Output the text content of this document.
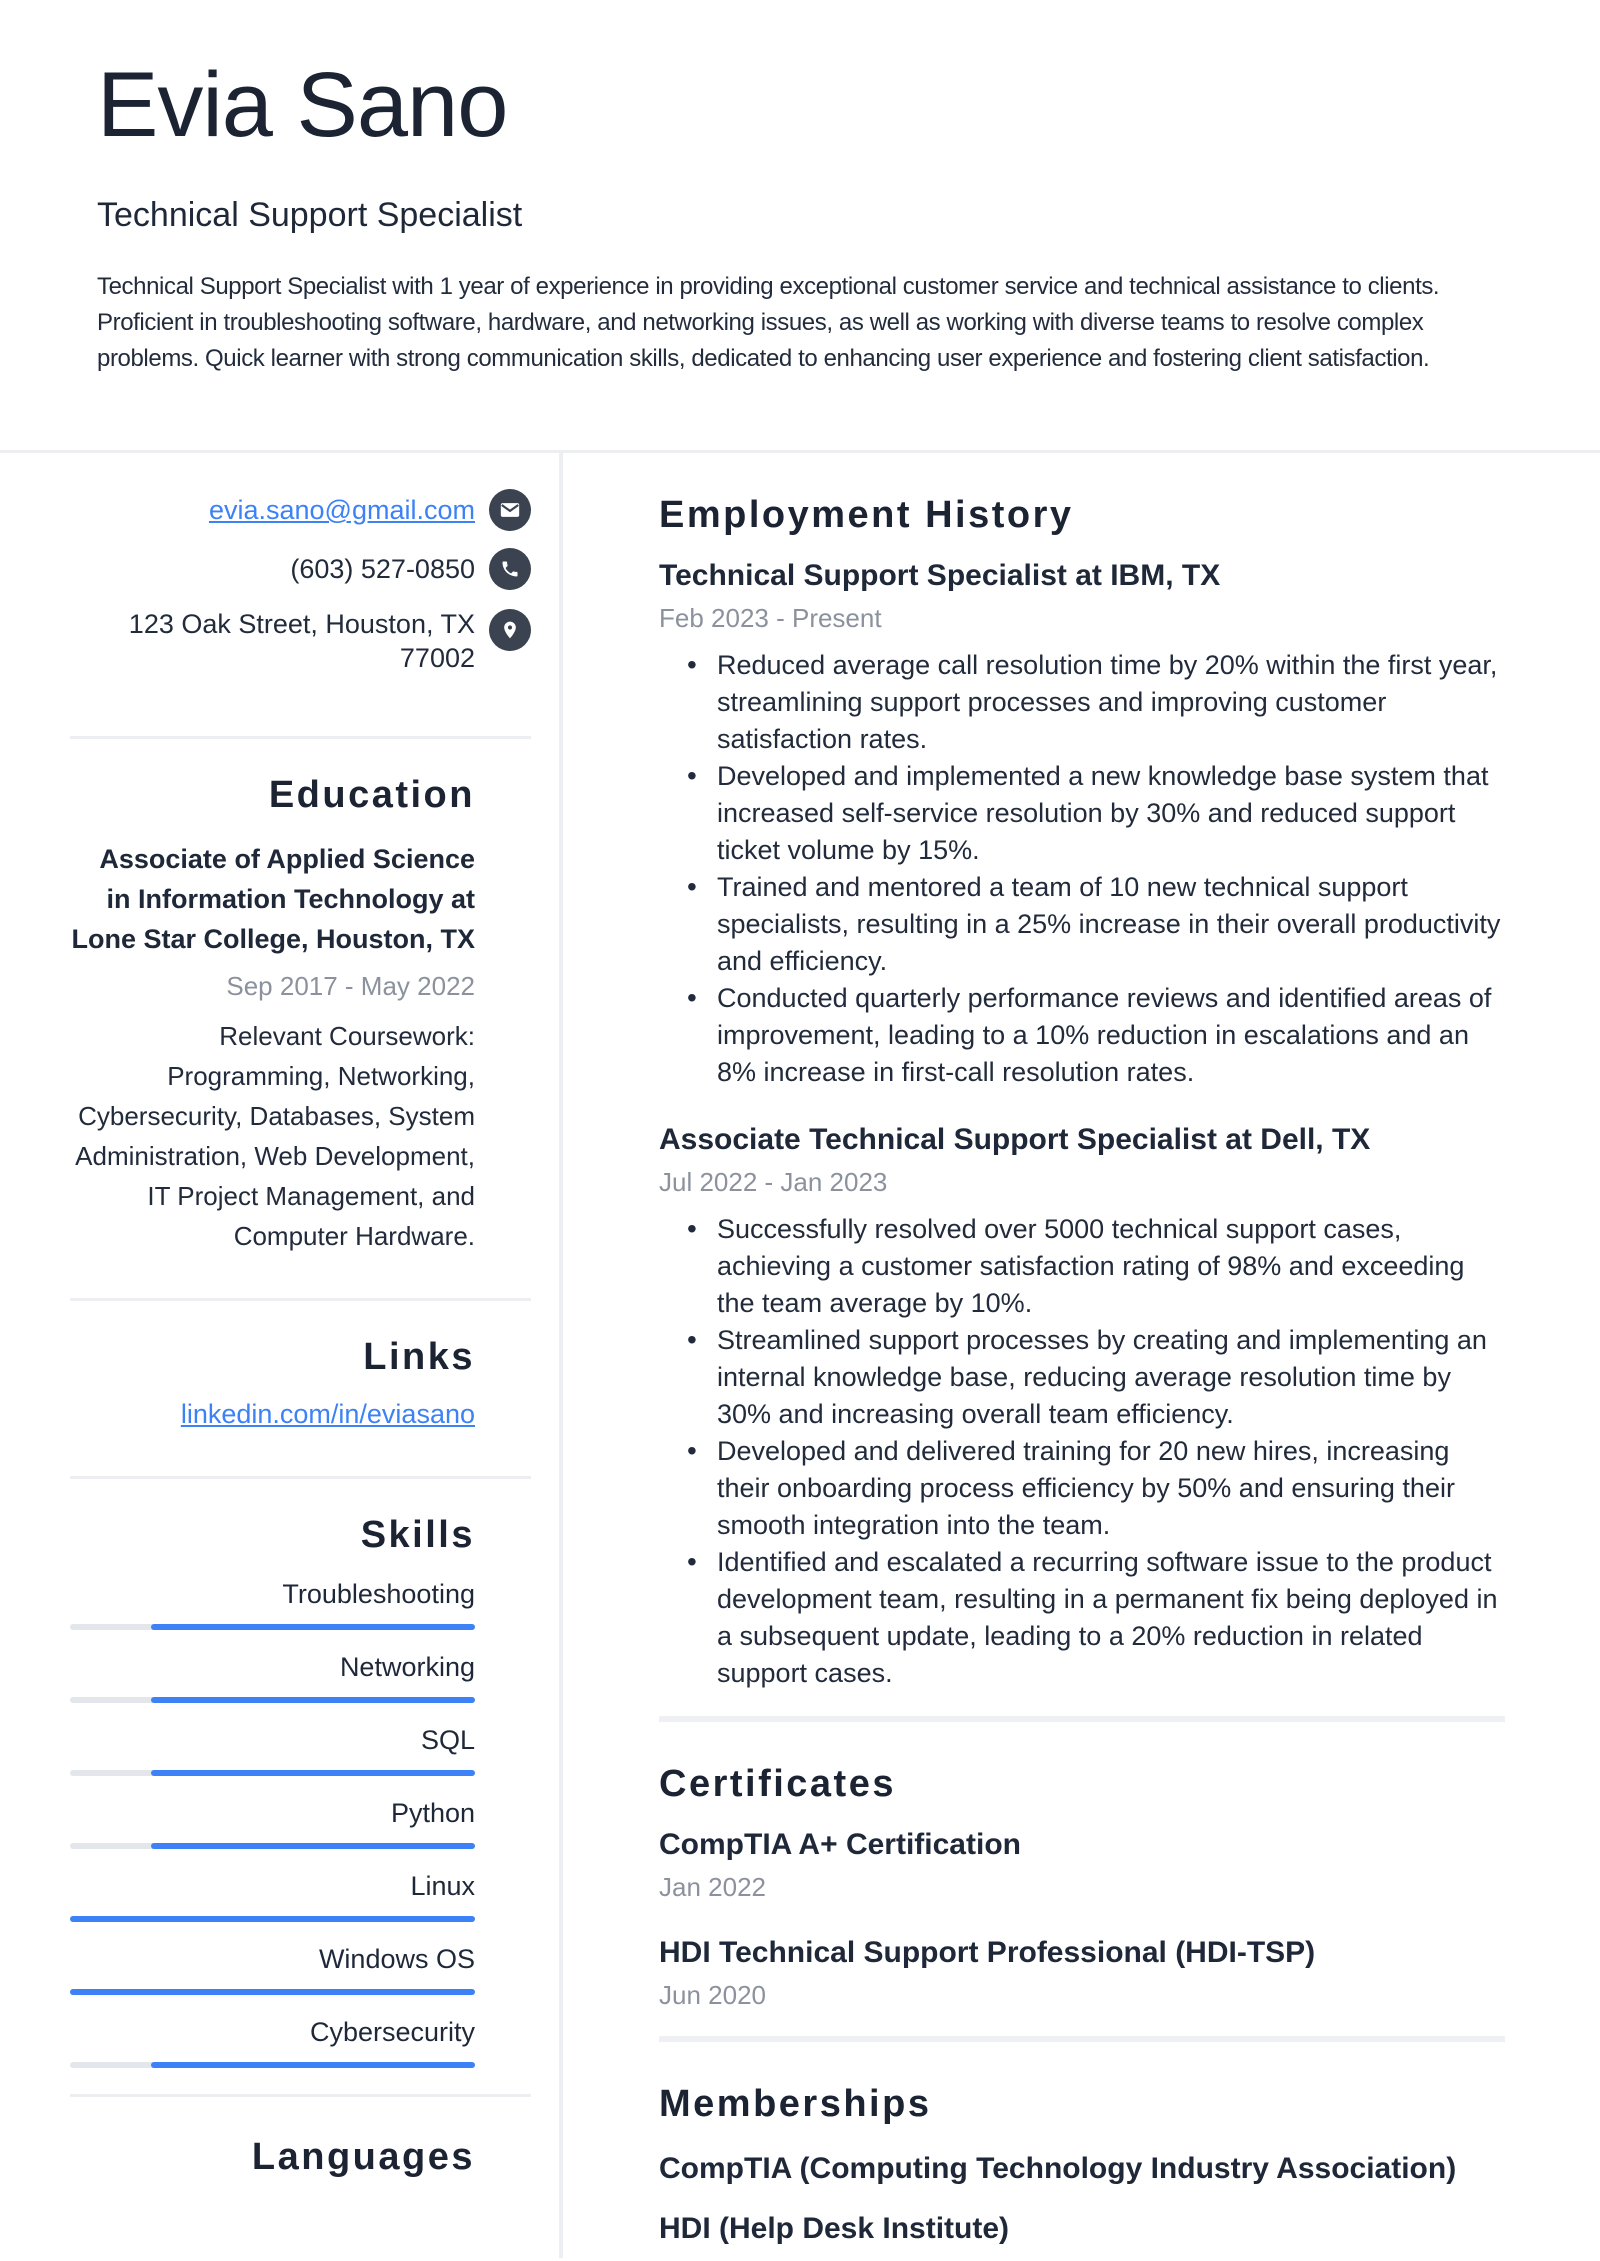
Evia Sano
Technical Support Specialist

Technical Support Specialist with 1 year of experience in providing exceptional customer service and technical assistance to clients. Proficient in troubleshooting software, hardware, and networking issues, as well as working with diverse teams to resolve complex problems. Quick learner with strong communication skills, dedicated to enhancing user experience and fostering client satisfaction.

evia.sano@gmail.com
(603) 527-0850
123 Oak Street, Houston, TX 77002
Education
Associate of Applied Science in Information Technology at Lone Star College, Houston, TX
Sep 2017 - May 2022
Relevant Coursework: Programming, Networking, Cybersecurity, Databases, System Administration, Web Development, IT Project Management, and Computer Hardware.
Links
linkedin.com/in/eviasano
Skills
Troubleshooting
Networking
SQL
Python
Linux
Windows OS
Cybersecurity
Languages
Employment History
Technical Support Specialist at IBM, TX
Feb 2023 - Present
• Reduced average call resolution time by 20% within the first year, streamlining support processes and improving customer satisfaction rates.
• Developed and implemented a new knowledge base system that increased self-service resolution by 30% and reduced support ticket volume by 15%.
• Trained and mentored a team of 10 new technical support specialists, resulting in a 25% increase in their overall productivity and efficiency.
• Conducted quarterly performance reviews and identified areas of improvement, leading to a 10% reduction in escalations and an 8% increase in first-call resolution rates.
Associate Technical Support Specialist at Dell, TX
Jul 2022 - Jan 2023
• Successfully resolved over 5000 technical support cases, achieving a customer satisfaction rating of 98% and exceeding the team average by 10%.
• Streamlined support processes by creating and implementing an internal knowledge base, reducing average resolution time by 30% and increasing overall team efficiency.
• Developed and delivered training for 20 new hires, increasing their onboarding process efficiency by 50% and ensuring their smooth integration into the team.
• Identified and escalated a recurring software issue to the product development team, resulting in a permanent fix being deployed in a subsequent update, leading to a 20% reduction in related support cases.
Certificates
CompTIA A+ Certification
Jan 2022
HDI Technical Support Professional (HDI-TSP)
Jun 2020
Memberships
CompTIA (Computing Technology Industry Association)
HDI (Help Desk Institute)
